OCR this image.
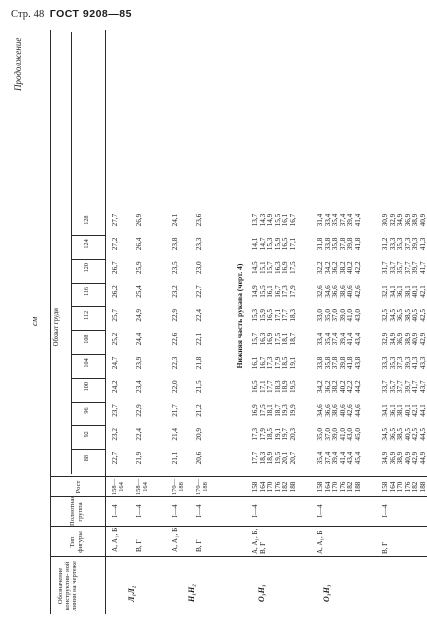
Стр. 48 ГОСТ 9208—85
Продолжение
см
Обозначение конструктив- ной линии на чертеже
Тип фигуры
Полнотная группа
Рост
Обхват груди
88
92
96
100
104
108
112
116
120
124
128
А, А₁, Б
I—4
158—164
22,7
23,2
23,7
24,2
24,7
25,2
25,7
26,2
26,7
27,2
27,7
В, Г
I—4
158—164
21,9
22,4
22,9
23,4
23,9
24,4
24,9
25,4
25,9
26,4
26,9
Л₁Л₂
А, А₁, Б
I—4
170—188
21,1
21,4
21,7
22,0
22,3
22,6
22,9
23,2
23,5
23,8
24,1
В, Г
I—4
170—188
20,6
20,9
21,2
21,5
21,8
22,1
22,4
22,7
23,0
23,3
23,6
Н₁Н₂
Нижняя часть рукава (черт. 4)
О₃Н₃
А, А₁, Б, В, Г
I—4
158 164 170 176 182 188
17,7 18,3 18,9 19,5 20,1 20,7
17,3 17,9 18,5 19,1 19,7 20,3
16,9 17,5 18,1 18,7 19,3 19,9
16,5 17,1 17,7 18,3 18,9 19,5
16,1 16,7 17,3 17,9 18,5 19,1
15,7 16,3 16,9 17,5 18,1 18,7
15,3 15,9 16,5 17,1 17,7 18,3
14,9 15,5 16,1 16,7 17,3 17,9
14,5 15,1 15,7 16,3 16,9 17,5
14,1 14,7 15,3 15,9 16,5 17,1
13,7 14,3 14,9 15,5 16,1 16,7
О₃Н₃
А, А₁, Б
I—4
158 164 170 176 182 188
35,4 37,4 39,4 41,4 43,4 45,4
35,0 37,0 39,0 41,0 43,0 45,0
34,6 36,6 38,6 40,6 42,6 44,6
34,2 36,2 38,2 40,2 42,2 44,2
33,8 35,8 37,8 39,8 41,8 43,8
33,4 35,4 37,4 39,4 41,4 43,4
33,0 35,0 37,0 39,0 41,0 43,0
32,6 34,6 36,6 38,6 40,6 42,6
32,2 34,2 36,2 38,2 40,2 42,2
31,8 33,8 35,8 37,8 39,8 41,8
31,4 33,4 35,4 37,4 39,4 41,4
В, Г
I—4
158 164 170 176 182 188
34,9 36,9 38,9 40,9 42,9 44,9
34,5 36,5 38,5 40,5 42,5 44,5
34,1 36,1 38,1 40,1 42,1 44,1
33,7 35,7 37,7 39,7 41,7 43,7
33,3 35,3 37,3 39,3 41,3 43,3
32,9 34,9 36,9 38,9 40,9 42,9
32,5 34,5 36,5 38,5 40,5 42,5
32,1 34,1 36,1 38,1 40,1 42,1
31,7 33,7 35,7 37,7 39,7 41,7
31,2 33,3 35,3 37,3 39,3 41,3
30,9 32,9 34,9 36,9 38,9 40,9
